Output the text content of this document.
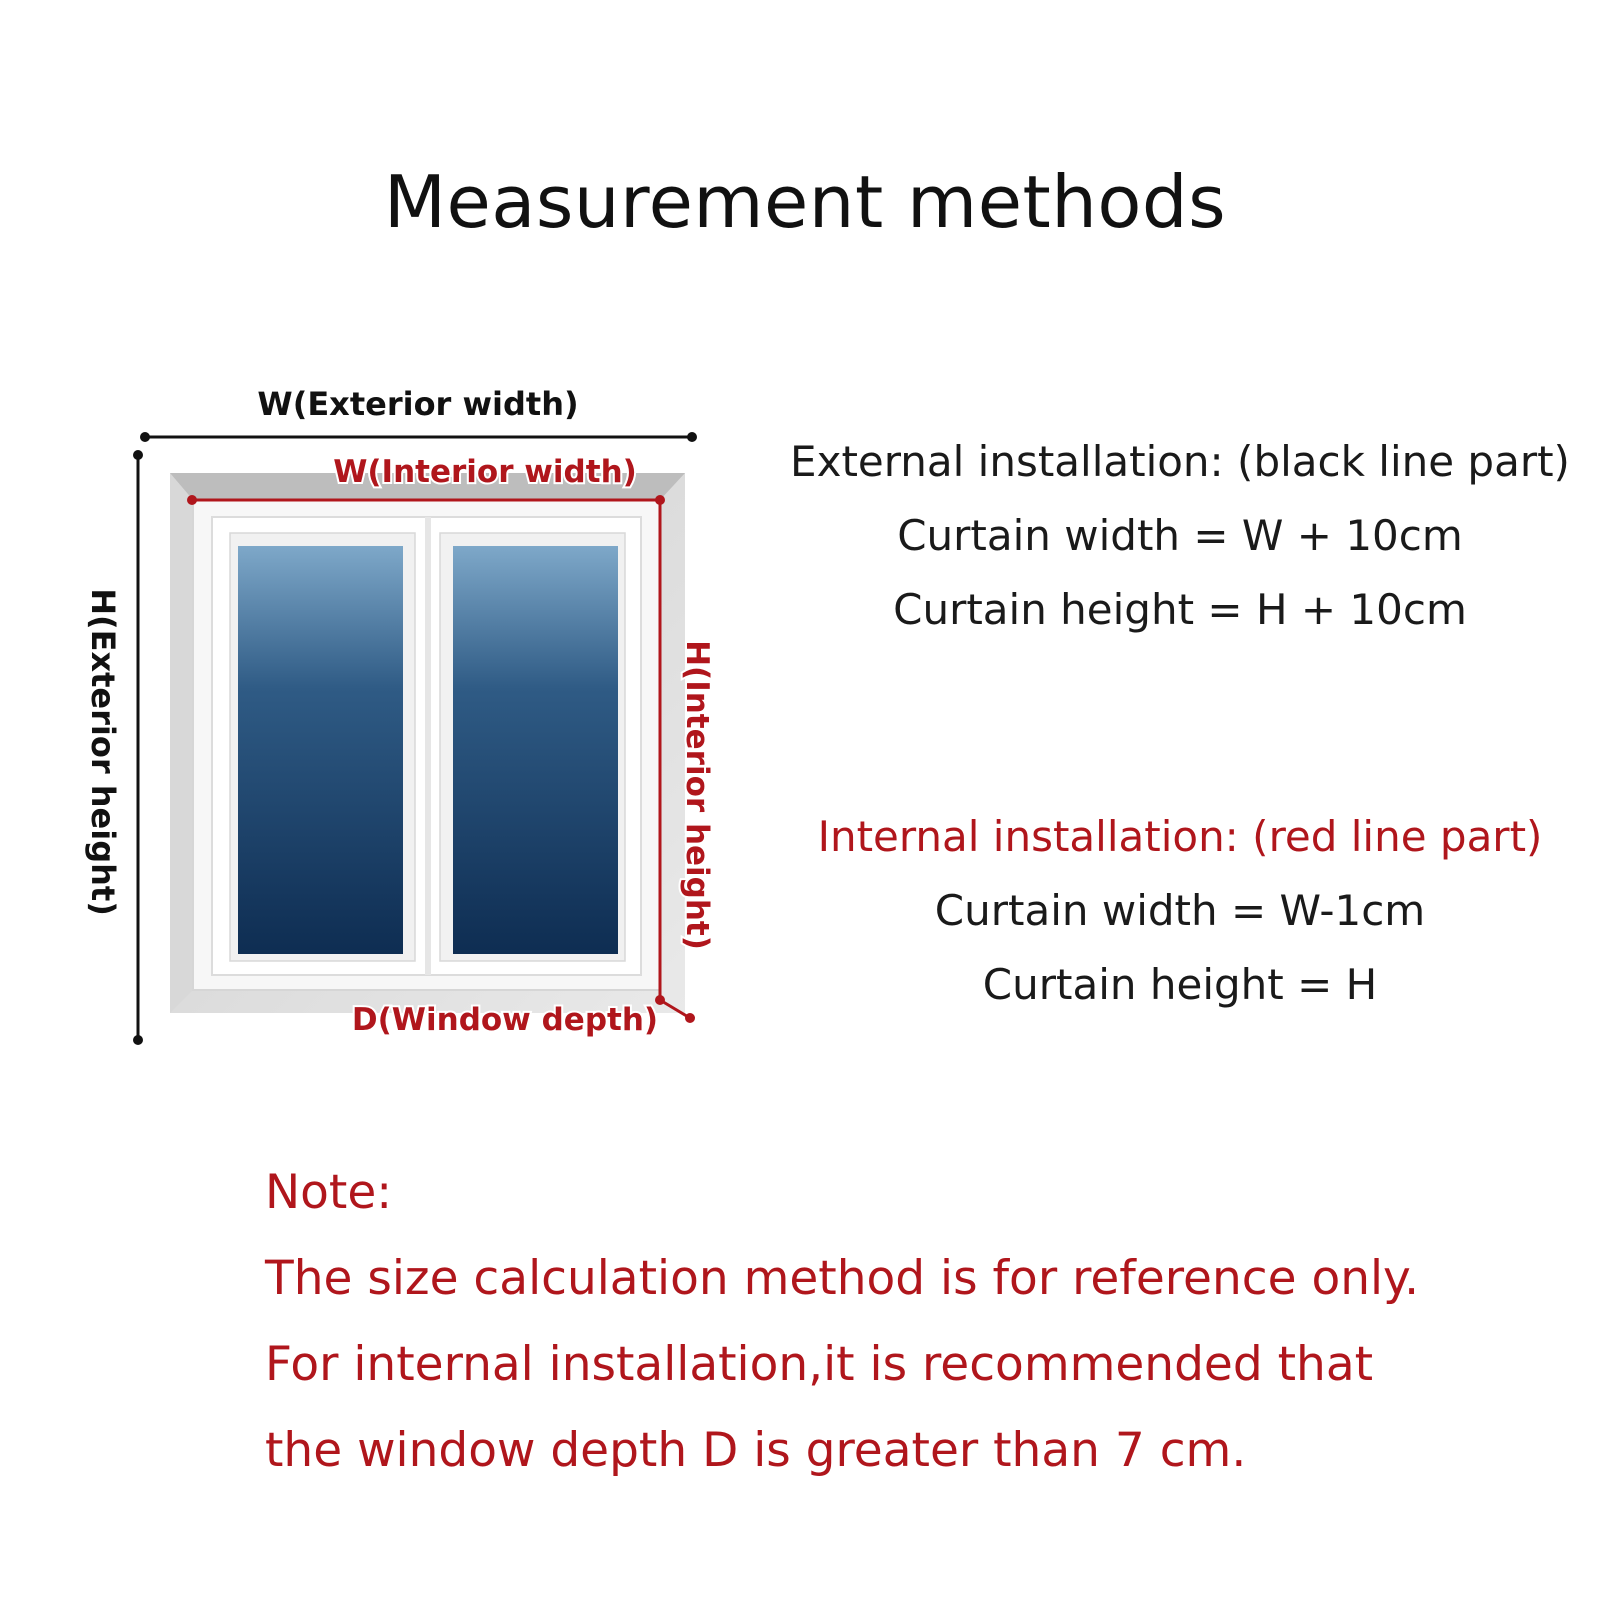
Measurement methods
W(Exterior width)
W(Interior width)
H(Exterior height)	H(Interior height)
D(Window depth)
External installation: (black line part)
Curtain width = W + 10cm
Curtain height = H + 10cm
Internal installation: (red line part)
Curtain width = W-1cm
Curtain height = H
Note:
The size calculation method is for reference only.
For internal installation,it is recommended that
the window depth D is greater than 7 cm.
